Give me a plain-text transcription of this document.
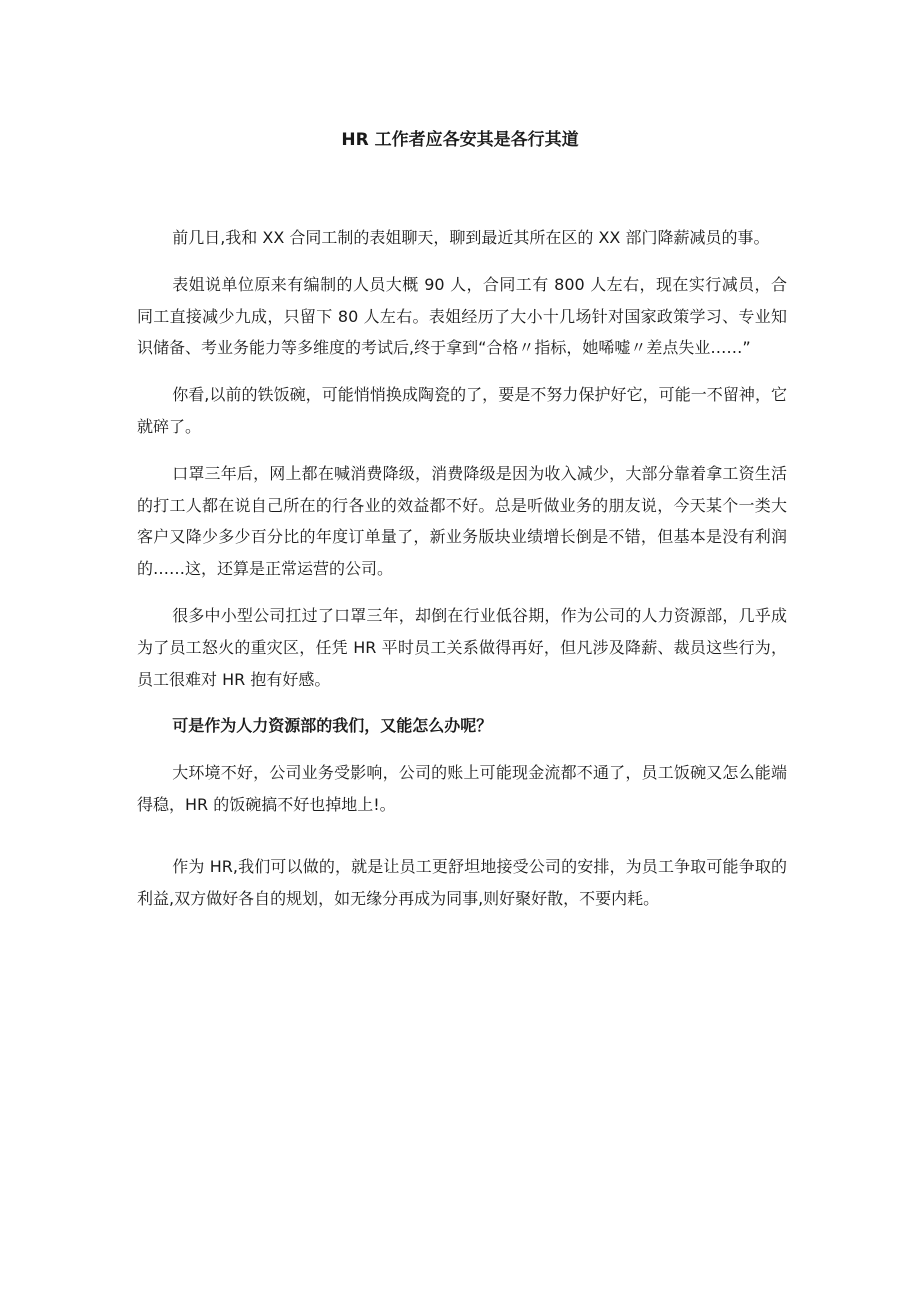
HR 工作者应各安其是各行其道

前几日,我和 XX 合同工制的表姐聊天，聊到最近其所在区的 XX 部门降薪减员的事。

表姐说单位原来有编制的人员大概 90 人，合同工有 800 人左右，现在实行减员，合同工直接减少九成，只留下 80 人左右。表姐经历了大小十几场针对国家政策学习、专业知识储备、考业务能力等多维度的考试后,终于拿到“合格〃指标，她唏嘘〃差点失业……”

你看,以前的铁饭碗，可能悄悄换成陶瓷的了，要是不努力保护好它，可能一不留神，它就碎了。

口罩三年后，网上都在喊消费降级，消费降级是因为收入减少，大部分靠着拿工资生活的打工人都在说自己所在的行各业的效益都不好。总是听做业务的朋友说，今天某个一类大客户又降少多少百分比的年度订单量了，新业务版块业绩增长倒是不错，但基本是没有利润的……这，还算是正常运营的公司。

很多中小型公司扛过了口罩三年，却倒在行业低谷期，作为公司的人力资源部，几乎成为了员工怒火的重灾区，任凭 HR 平时员工关系做得再好，但凡涉及降薪、裁员这些行为，员工很难对 HR 抱有好感。

可是作为人力资源部的我们，又能怎么办呢？

大环境不好，公司业务受影响，公司的账上可能现金流都不通了，员工饭碗又怎么能端得稳，HR 的饭碗搞不好也掉地上!。

作为 HR,我们可以做的，就是让员工更舒坦地接受公司的安排，为员工争取可能争取的利益,双方做好各自的规划，如无缘分再成为同事,则好聚好散，不要内耗。
